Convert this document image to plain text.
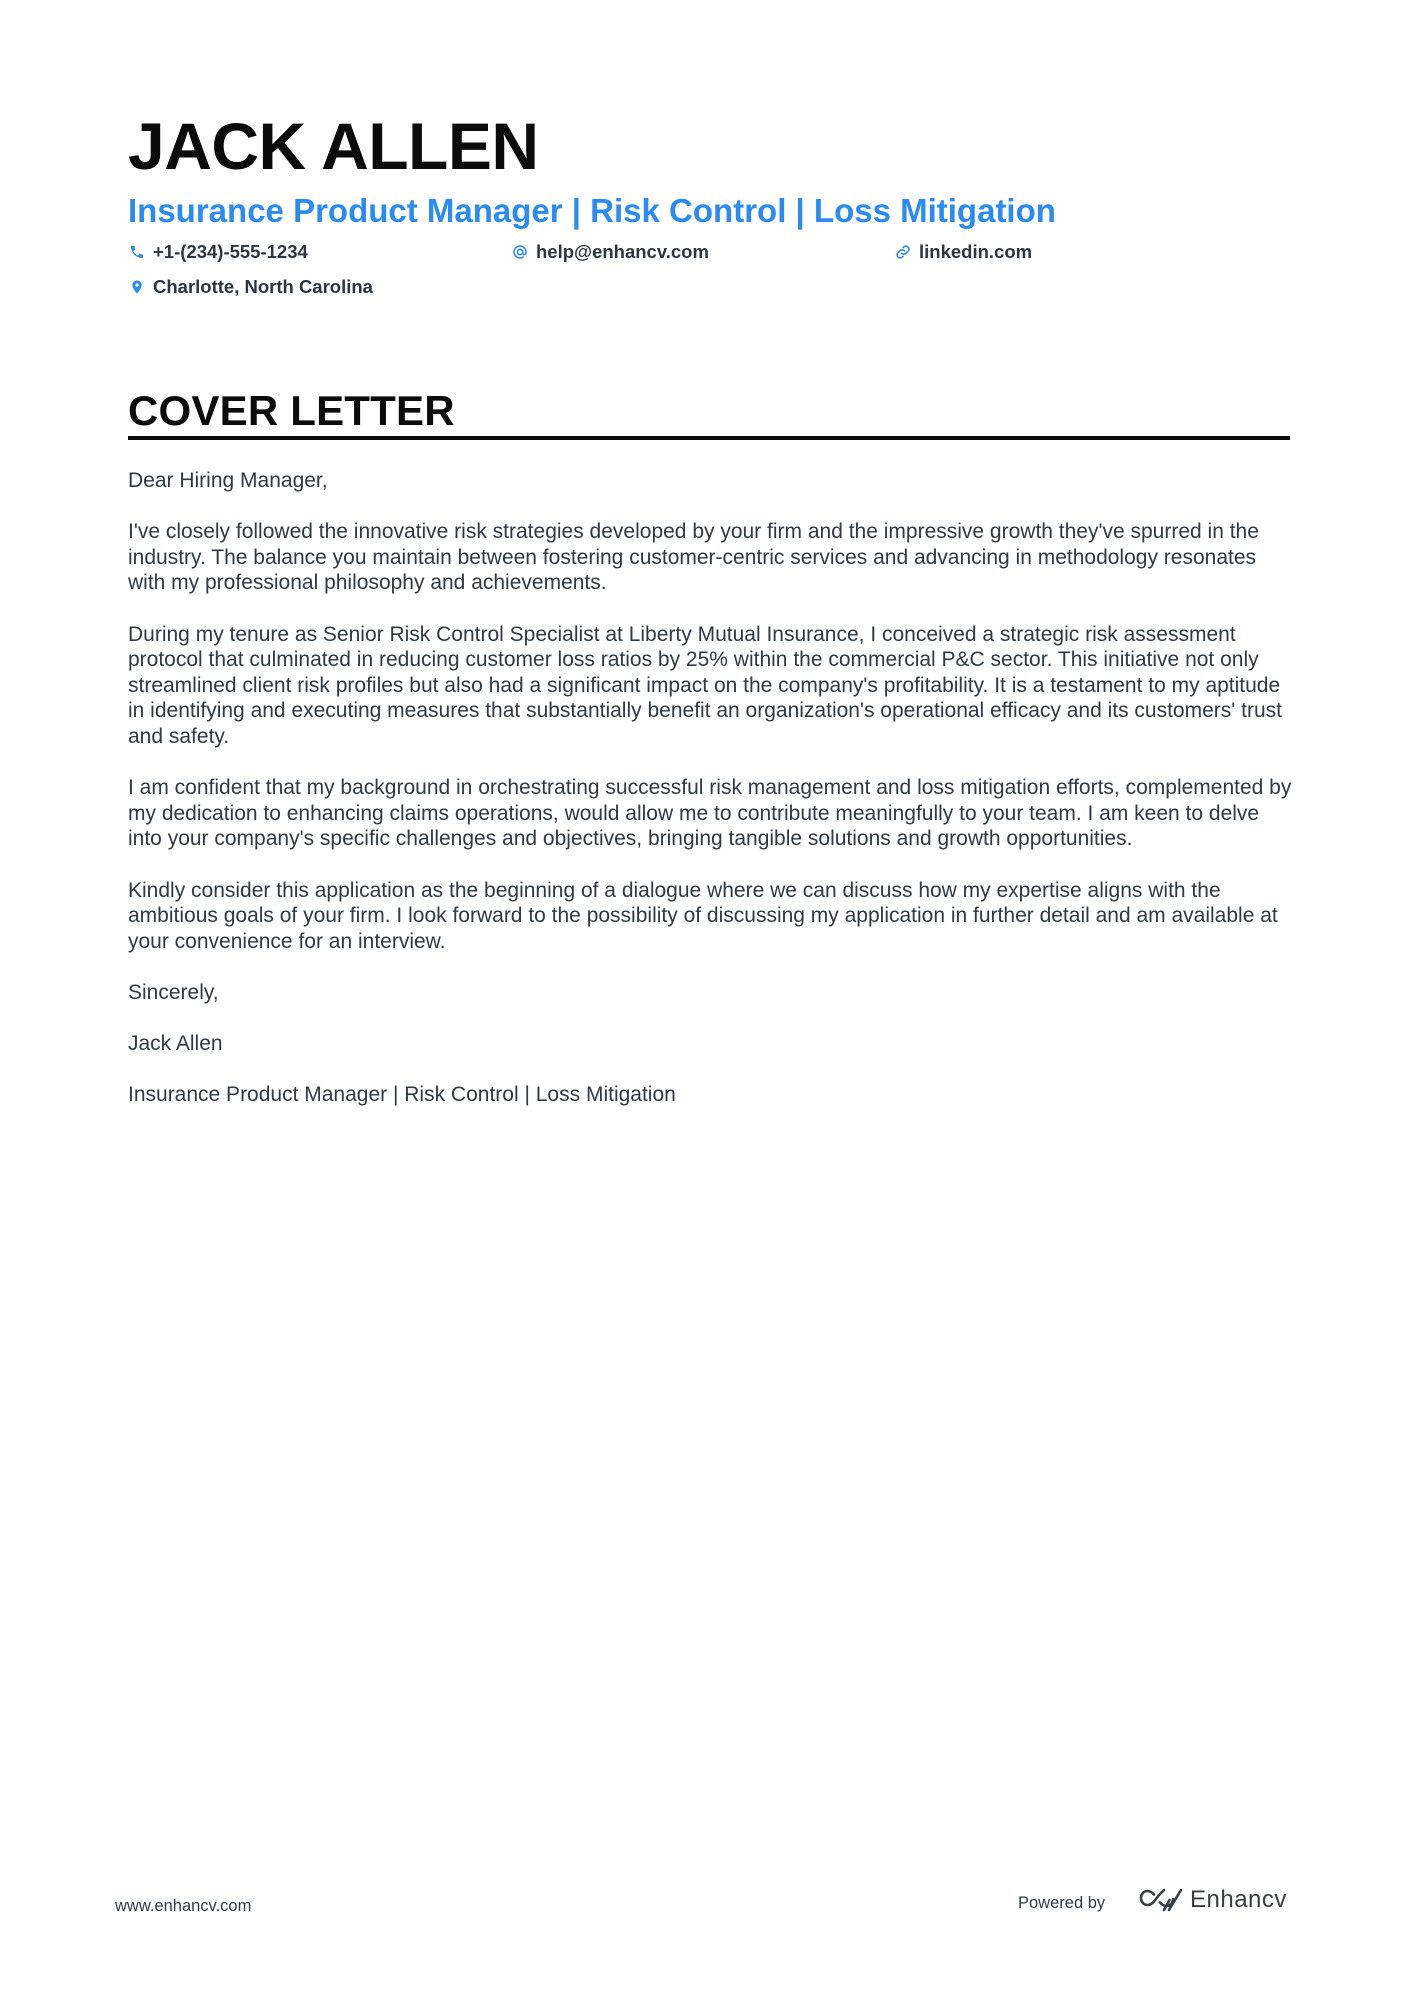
JACK ALLEN
Insurance Product Manager | Risk Control | Loss Mitigation
+1-(234)-555-1234	help@enhancv.com	linkedin.com
Charlotte, North Carolina
COVER LETTER

Dear Hiring Manager,

I've closely followed the innovative risk strategies developed by your firm and the impressive growth they've spurred in the industry. The balance you maintain between fostering customer-centric services and advancing in methodology resonates with my professional philosophy and achievements.

During my tenure as Senior Risk Control Specialist at Liberty Mutual Insurance, I conceived a strategic risk assessment protocol that culminated in reducing customer loss ratios by 25% within the commercial P&C sector. This initiative not only streamlined client risk profiles but also had a significant impact on the company's profitability. It is a testament to my aptitude in identifying and executing measures that substantially benefit an organization's operational efficacy and its customers' trust and safety.

I am confident that my background in orchestrating successful risk management and loss mitigation efforts, complemented by my dedication to enhancing claims operations, would allow me to contribute meaningfully to your team. I am keen to delve into your company's specific challenges and objectives, bringing tangible solutions and growth opportunities.

Kindly consider this application as the beginning of a dialogue where we can discuss how my expertise aligns with the ambitious goals of your firm. I look forward to the possibility of discussing my application in further detail and am available at your convenience for an interview.

Sincerely,

Jack Allen

Insurance Product Manager | Risk Control | Loss Mitigation

www.enhancv.com	Powered by	Enhancv
